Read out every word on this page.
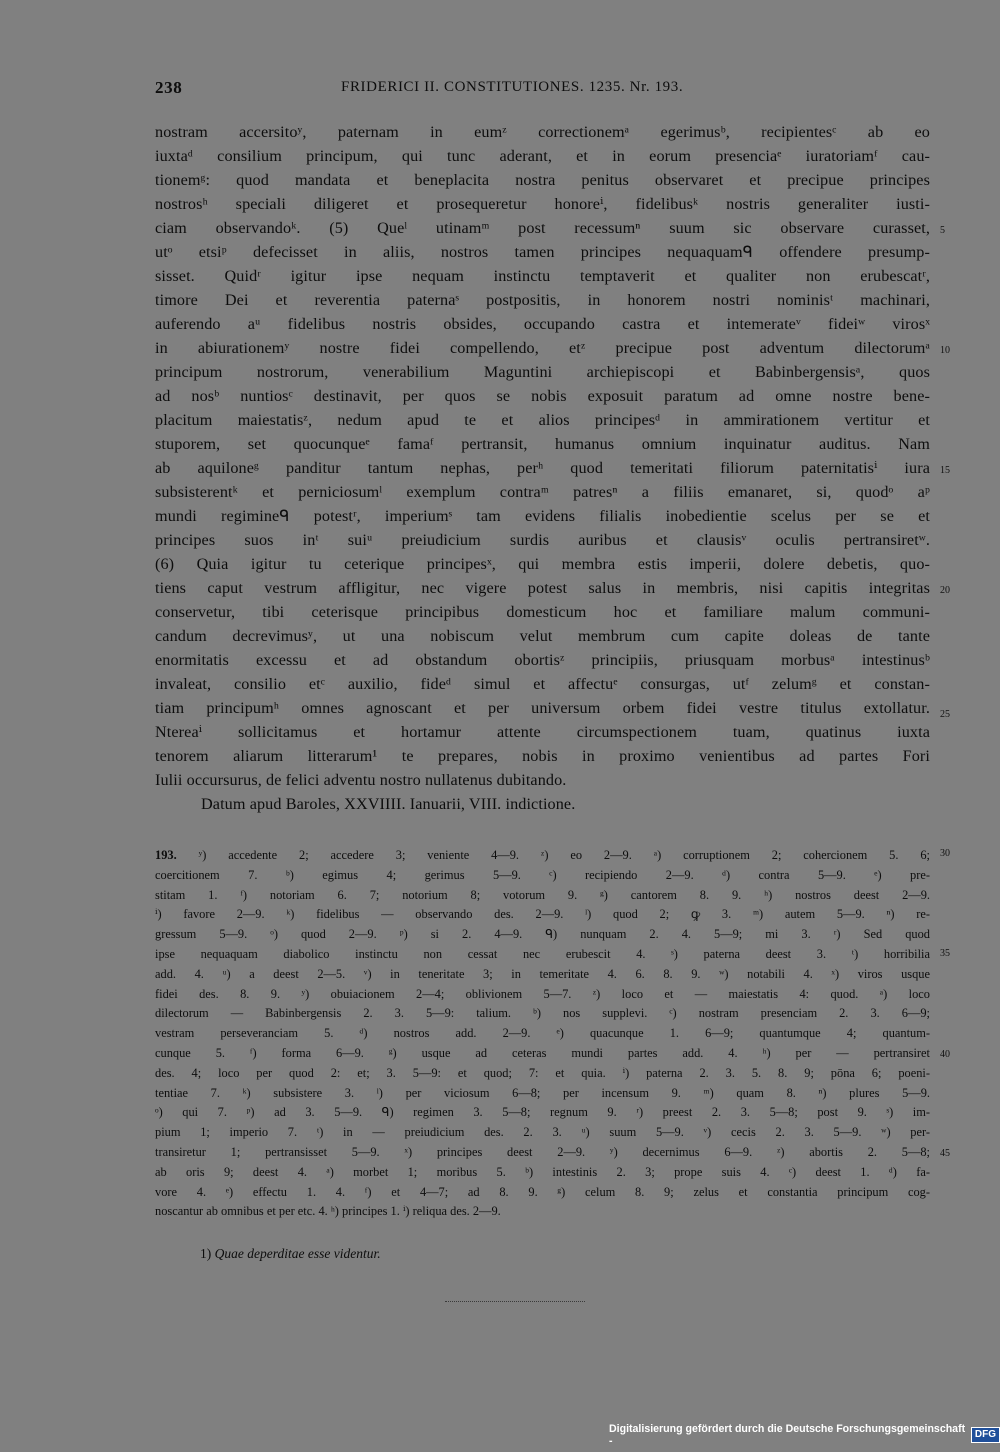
238	FRIDERICI II. CONSTITUTIONES. 1235. Nr. 193.
nostram accersitoʸ, paternam in eumᶻ correctionemᵃ egerimusᵇ, recipientesᶜ ab eo
iuxtaᵈ consilium principum, qui tunc aderant, et in eorum presenciaᵉ iuratoriamᶠ cau-
tionemᵍ: quod mandata et beneplacita nostra penitus observaret et precipue principes
nostrosʰ speciali diligeret et prosequeretur honoreⁱ, fidelibusᵏ nostris generaliter iusti-
ciam observandoᵏ. (5) Queˡ utinamᵐ post recessumⁿ suum sic observare curasset,
utᵒ etsiᵖ defecisset in aliis, nostros tamen principes nequaquamᑫ offendere presump-
sisset. Quidʳ igitur ipse nequam instinctu temptaverit et qualiter non erubescatʳ,
timore Dei et reverentia paternaˢ postpositis, in honorem nostri nominisᵗ machinari,
auferendo aᵘ fidelibus nostris obsides, occupando castra et intemerateᵛ fideiʷ virosˣ
in abiurationemʸ nostre fidei compellendo, etᶻ precipue post adventum dilectorumᵃ
principum nostrorum, venerabilium Maguntini archiepiscopi et Babinbergensisᵃ, quos
ad nosᵇ nuntiosᶜ destinavit, per quos se nobis exposuit paratum ad omne nostre bene-
placitum maiestatisᶻ, nedum apud te et alios principesᵈ in ammirationem vertitur et
stuporem, set quocunqueᵉ famaᶠ pertransit, humanus omnium inquinatur auditus. Nam
ab aquiloneᵍ panditur tantum nephas, perʰ quod temeritati filiorum paternitatisⁱ iura
subsisterentᵏ et perniciosumˡ exemplum contraᵐ patresⁿ a filiis emanaret, si, quodᵒ aᵖ
mundi regimineᑫ potestʳ, imperiumˢ tam evidens filialis inobedientie scelus per se et
principes suos inᵗ suiᵘ preiudicium surdis auribus et clausisᵛ oculis pertransiretʷ.
(6) Quia igitur tu ceterique principesˣ, qui membra estis imperii, dolere debetis, quo-
tiens caput vestrum affligitur, nec vigere potest salus in membris, nisi capitis integritas
conservetur, tibi ceterisque principibus domesticum hoc et familiare malum communi-
candum decrevimusʸ, ut una nobiscum velut membrum cum capite doleas de tante
enormitatis excessu et ad obstandum obortisᶻ principiis, priusquam morbusᵃ intestinusᵇ
invaleat, consilio etᶜ auxilio, fideᵈ simul et affectuᵉ consurgas, utᶠ zelumᵍ et constan-
tiam principumʰ omnes agnoscant et per universum orbem fidei vestre titulus extollatur.
Ntereaⁱ sollicitamus et hortamur attente circumspectionem tuam, quatinus iuxta
tenorem aliarum litterarum¹ te prepares, nobis in proximo venientibus ad partes Fori
Iulii occursurus, de felici adventu nostro nullatenus dubitando.
Datum apud Baroles, XXVIIII. Ianuarii, VIII. indictione.
5
10
15
20
25
30
35
40
45
193. ʸ) accedente 2; accedere 3; veniente 4—9. ᶻ) eo 2—9. ᵃ) corruptionem 2; cohercionem 5. 6;
coercitionem 7. ᵇ) egimus 4; gerimus 5—9. ᶜ) recipiendo 2—9. ᵈ) contra 5—9. ᵉ) pre-
stitam 1. ᶠ) notoriam 6. 7; notorium 8; votorum 9. ᵍ) cantorem 8. 9. ʰ) nostros deest 2—9.
ⁱ) favore 2—9. ᵏ) fidelibus — observando des. 2—9. ˡ) quod 2; ꝙ 3. ᵐ) autem 5—9. ⁿ) re-
gressum 5—9. ᵒ) quod 2—9. ᵖ) si 2. 4—9. ᑫ) nunquam 2. 4. 5—9; mi 3. ʳ) Sed quod
ipse nequaquam diabolico instinctu non cessat nec erubescit 4. ˢ) paterna deest 3. ᵗ) horribilia
add. 4. ᵘ) a deest 2—5. ᵛ) in teneritate 3; in temeritate 4. 6. 8. 9. ʷ) notabili 4. ˣ) viros usque
fidei des. 8. 9. ʸ) obuiacionem 2—4; oblivionem 5—7. ᶻ) loco et — maiestatis 4: quod. ᵃ) loco
dilectorum — Babinbergensis 2. 3. 5—9: talium. ᵇ) nos supplevi. ᶜ) nostram presenciam 2. 3. 6—9;
vestram perseveranciam 5. ᵈ) nostros add. 2—9. ᵉ) quacunque 1. 6—9; quantumque 4; quantum-
cunque 5. ᶠ) forma 6—9. ᵍ) usque ad ceteras mundi partes add. 4. ʰ) per — pertransiret
des. 4; loco per quod 2: et; 3. 5—9: et quod; 7: et quia. ⁱ) paterna 2. 3. 5. 8. 9; pōna 6; poeni-
tentiae 7. ᵏ) subsistere 3. ˡ) per viciosum 6—8; per incensum 9. ᵐ) quam 8. ⁿ) plures 5—9.
ᵒ) qui 7. ᵖ) ad 3. 5—9. ᑫ) regimen 3. 5—8; regnum 9. ʳ) preest 2. 3. 5—8; post 9. ˢ) im-
pium 1; imperio 7. ᵗ) in — preiudicium des. 2. 3. ᵘ) suum 5—9. ᵛ) cecis 2. 3. 5—9. ʷ) per-
transiretur 1; pertransisset 5—9. ˣ) principes deest 2—9. ʸ) decernimus 6—9. ᶻ) abortis 2. 5—8;
ab oris 9; deest 4. ᵃ) morbet 1; moribus 5. ᵇ) intestinis 2. 3; prope suis 4. ᶜ) deest 1. ᵈ) fa-
vore 4. ᵉ) effectu 1. 4. ᶠ) et 4—7; ad 8. 9. ᵍ) celum 8. 9; zelus et constantia principum cog-
noscantur ab omnibus et per etc. 4. ʰ) principes 1. ⁱ) reliqua des. 2—9.
1) Quae deperditae esse videntur.
Digitalisierung gefördert durch die Deutsche Forschungsgemeinschaft -
DFG
